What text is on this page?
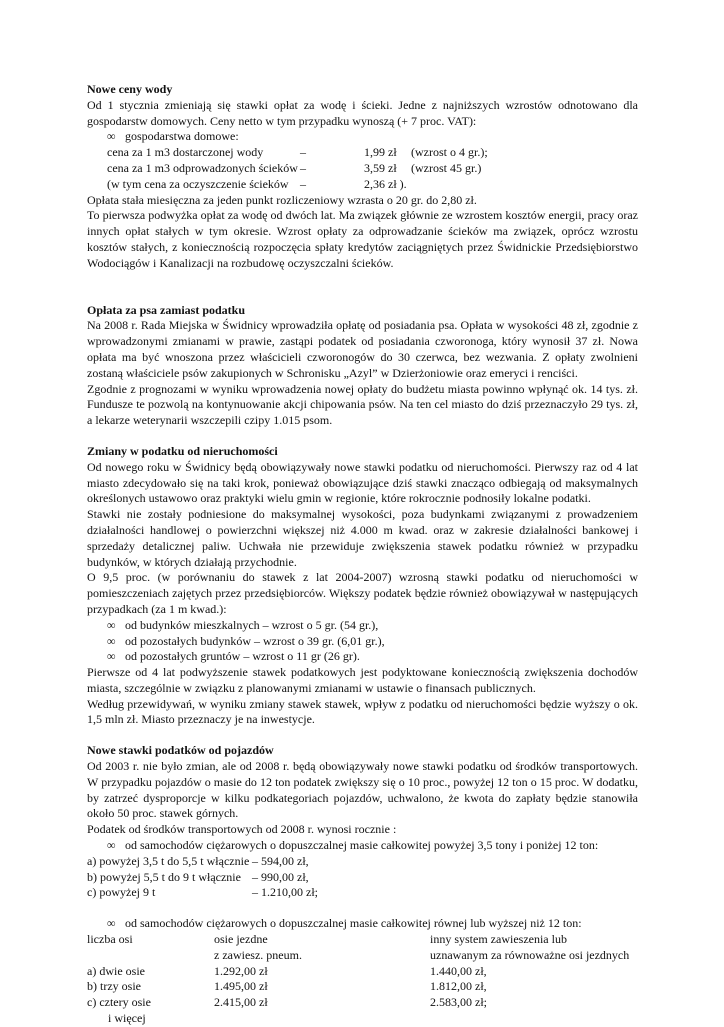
Nowe ceny wody

Od 1 stycznia zmieniają się stawki opłat za wodę i ścieki. Jedne z najniższych wzrostów odnotowano dla gospodarstw domowych. Ceny netto w tym przypadku wynoszą (+ 7 proc. VAT):

∞ gospodarstwa domowe:
cena za 1 m3 dostarczonej wody	–	1,99 zł	(wzrost o 4 gr.);
cena za 1 m3 odprowadzonych ścieków –	3,59 zł	(wzrost 45 gr.)
(w tym cena za oczyszczenie ścieków –	2,36 zł ).

Opłata stała miesięczna za jeden punkt rozliczeniowy wzrasta o 20 gr. do 2,80 zł.

To pierwsza podwyżka opłat za wodę od dwóch lat. Ma związek głównie ze wzrostem kosztów energii, pracy oraz innych opłat stałych w tym okresie. Wzrost opłaty za odprowadzanie ścieków ma związek, oprócz wzrostu kosztów stałych, z koniecznością rozpoczęcia spłaty kredytów zaciągniętych przez Świdnickie Przedsiębiorstwo Wodociągów i Kanalizacji na rozbudowę oczyszczalni ścieków.

Opłata za psa zamiast podatku

Na 2008 r. Rada Miejska w Świdnicy wprowadziła opłatę od posiadania psa. Opłata w wysokości 48 zł, zgodnie z wprowadzonymi zmianami w prawie, zastąpi podatek od posiadania czworonoga, który wynosił 37 zł. Nowa opłata ma być wnoszona przez właścicieli czworonogów do 30 czerwca, bez wezwania. Z opłaty zwolnieni zostaną właściciele psów zakupionych w Schronisku „Azyl” w Dzierżoniowie oraz emeryci i renciści.

Zgodnie z prognozami w wyniku wprowadzenia nowej opłaty do budżetu miasta powinno wpłynąć ok. 14 tys. zł. Fundusze te pozwolą na kontynuowanie akcji chipowania psów. Na ten cel miasto do dziś przeznaczyło 29 tys. zł, a lekarze weterynarii wszczepili czipy 1.015 psom.

Zmiany w podatku od nieruchomości

Od nowego roku w Świdnicy będą obowiązywały nowe stawki podatku od nieruchomości. Pierwszy raz od 4 lat miasto zdecydowało się na taki krok, ponieważ obowiązujące dziś stawki znacząco odbiegają od maksymalnych określonych ustawowo oraz praktyki wielu gmin w regionie, które rokrocznie podnosiły lokalne podatki.

Stawki nie zostały podniesione do maksymalnej wysokości, poza budynkami związanymi z prowadzeniem działalności handlowej o powierzchni większej niż 4.000 m kwad. oraz w zakresie działalności bankowej i sprzedaży detalicznej paliw. Uchwała nie przewiduje zwiększenia stawek podatku również w przypadku budynków, w których działają przychodnie.

O 9,5 proc. (w porównaniu do stawek z lat 2004-2007) wzrosną stawki podatku od nieruchomości w pomieszczeniach zajętych przez przedsiębiorców. Większy podatek będzie również obowiązywał w następujących przypadkach (za 1 m kwad.):

∞ od budynków mieszkalnych – wzrost o 5 gr. (54 gr.),
∞ od pozostałych budynków – wzrost o 39 gr. (6,01 gr.),
∞ od pozostałych gruntów – wzrost o 11 gr (26 gr).

Pierwsze od 4 lat podwyższenie stawek podatkowych jest podyktowane koniecznością zwiększenia dochodów miasta, szczególnie w związku z planowanymi zmianami w ustawie o finansach publicznych.

Według przewidywań, w wyniku zmiany stawek stawek, wpływ z podatku od nieruchomości będzie wyższy o ok. 1,5 mln zł. Miasto przeznaczy je na inwestycje.

Nowe stawki podatków od pojazdów

Od 2003 r. nie było zmian, ale od 2008 r. będą obowiązywały nowe stawki podatku od środków transportowych. W przypadku pojazdów o masie do 12 ton podatek zwiększy się o 10 proc., powyżej 12 ton o 15 proc. W dodatku, by zatrzeć dysproporcje w kilku podkategoriach pojazdów, uchwalono, że kwota do zapłaty będzie stanowiła około 50 proc. stawek górnych.

Podatek od środków transportowych od 2008 r. wynosi rocznie :

∞ od samochodów ciężarowych o dopuszczalnej masie całkowitej powyżej 3,5 tony i poniżej 12 ton:
a) powyżej 3,5 t do 5,5 t włącznie – 594,00 zł,
b) powyżej 5,5 t do 9 t włącznie – 990,00 zł,
c) powyżej 9 t	– 1.210,00 zł;
∞ od samochodów ciężarowych o dopuszczalnej masie całkowitej równej lub wyższej niż 12 ton:
liczba osi	osie jezdne	inny system zawieszenia lub
z zawiesz. pneum.	uznawanym za równoważne osi jezdnych
a) dwie osie	1.292,00 zł	1.440,00 zł,
b) trzy osie	1.495,00 zł	1.812,00 zł,
c) cztery osie	2.415,00 zł	2.583,00 zł;
i więcej
